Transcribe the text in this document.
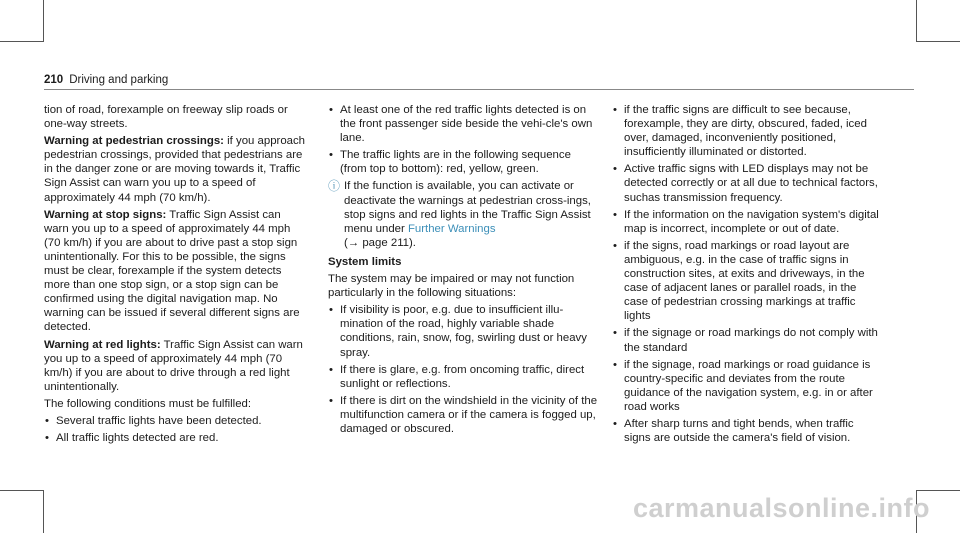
210 Driving and parking

tion of road, forexample on freeway slip roads or one-way streets.

Warning at pedestrian crossings: if you approach pedestrian crossings, provided that pedestrians are in the danger zone or are moving towards it, Traffic Sign Assist can warn you up to a speed of approximately 44 mph (70 km/h).

Warning at stop signs: Traffic Sign Assist can warn you up to a speed of approximately 44 mph (70 km/h) if you are about to drive past a stop sign unintentionally. For this to be possible, the signs must be clear, forexample if the system detects more than one stop sign, or a stop sign can be confirmed using the digital navigation map. No warning can be issued if several different signs are detected.

Warning at red lights: Traffic Sign Assist can warn you up to a speed of approximately 44 mph (70 km/h) if you are about to drive through a red light unintentionally.

The following conditions must be fulfilled:

• Several traffic lights have been detected.
• All traffic lights detected are red.
• At least one of the red traffic lights detected is on the front passenger side beside the vehi-cle's own lane.
• The traffic lights are in the following sequence (from top to bottom): red, yellow, green.
ⓘ If the function is available, you can activate or deactivate the warnings at pedestrian cross-ings, stop signs and red lights in the Traffic Sign Assist menu under Further Warnings
(→ page 211).

System limits

The system may be impaired or may not function particularly in the following situations:

• If visibility is poor, e.g. due to insufficient illu-mination of the road, highly variable shade conditions, rain, snow, fog, swirling dust or heavy spray.
• If there is glare, e.g. from oncoming traffic, direct sunlight or reflections.
• If there is dirt on the windshield in the vicinity of the multifunction camera or if the camera is fogged up, damaged or obscured.
• if the traffic signs are difficult to see because, forexample, they are dirty, obscured, faded, iced over, damaged, inconveniently positioned, insufficiently illuminated or distorted.
• Active traffic signs with LED displays may not be detected correctly or at all due to technical factors, suchas transmission frequency.
• If the information on the navigation system's digital map is incorrect, incomplete or out of date.
• if the signs, road markings or road layout are ambiguous, e.g. in the case of traffic signs in construction sites, at exits and driveways, in the case of adjacent lanes or parallel roads, in the case of pedestrian crossing markings at traffic lights
• if the signage or road markings do not comply with the standard
• if the signage, road markings or road guidance is country-specific and deviates from the route guidance of the navigation system, e.g. in or after road works
• After sharp turns and tight bends, when traffic signs are outside the camera's field of vision.
carmanualsonline.info
